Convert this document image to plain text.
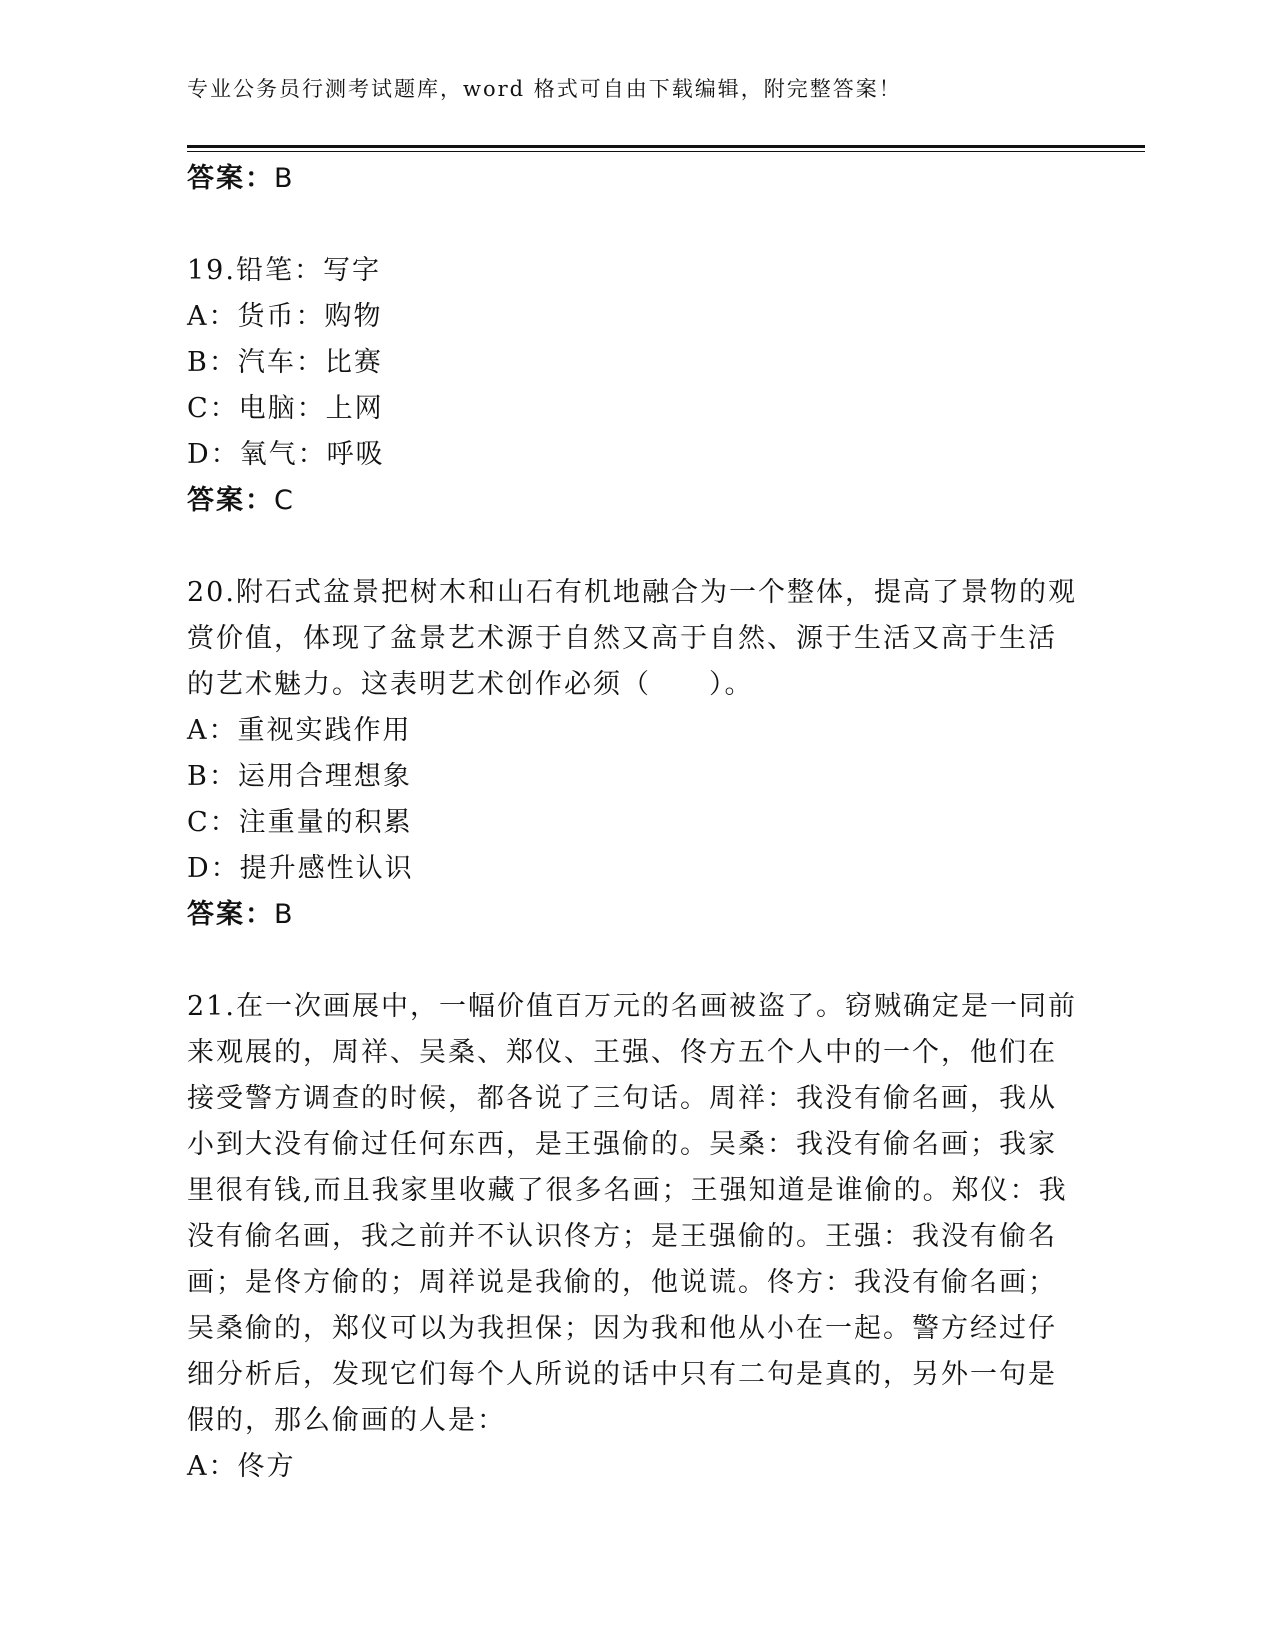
专业公务员行测考试题库，word 格式可自由下载编辑，附完整答案！
答案：B
19.铅笔：写字
A：货币：购物
B：汽车：比赛
C：电脑：上网
D：氧气：呼吸
答案：C
20.附石式盆景把树木和山石有机地融合为一个整体，提高了景物的观
赏价值，体现了盆景艺术源于自然又高于自然、源于生活又高于生活
的艺术魅力。这表明艺术创作必须（　　）。
A：重视实践作用
B：运用合理想象
C：注重量的积累
D：提升感性认识
答案：B
21.在一次画展中，一幅价值百万元的名画被盗了。窃贼确定是一同前
来观展的，周祥、吴桑、郑仪、王强、佟方五个人中的一个，他们在
接受警方调查的时候，都各说了三句话。周祥：我没有偷名画，我从
小到大没有偷过任何东西，是王强偷的。吴桑：我没有偷名画；我家
里很有钱,而且我家里收藏了很多名画；王强知道是谁偷的。郑仪：我
没有偷名画，我之前并不认识佟方；是王强偷的。王强：我没有偷名
画；是佟方偷的；周祥说是我偷的，他说谎。佟方：我没有偷名画；
吴桑偷的，郑仪可以为我担保；因为我和他从小在一起。警方经过仔
细分析后，发现它们每个人所说的话中只有二句是真的，另外一句是
假的，那么偷画的人是：
A：佟方
